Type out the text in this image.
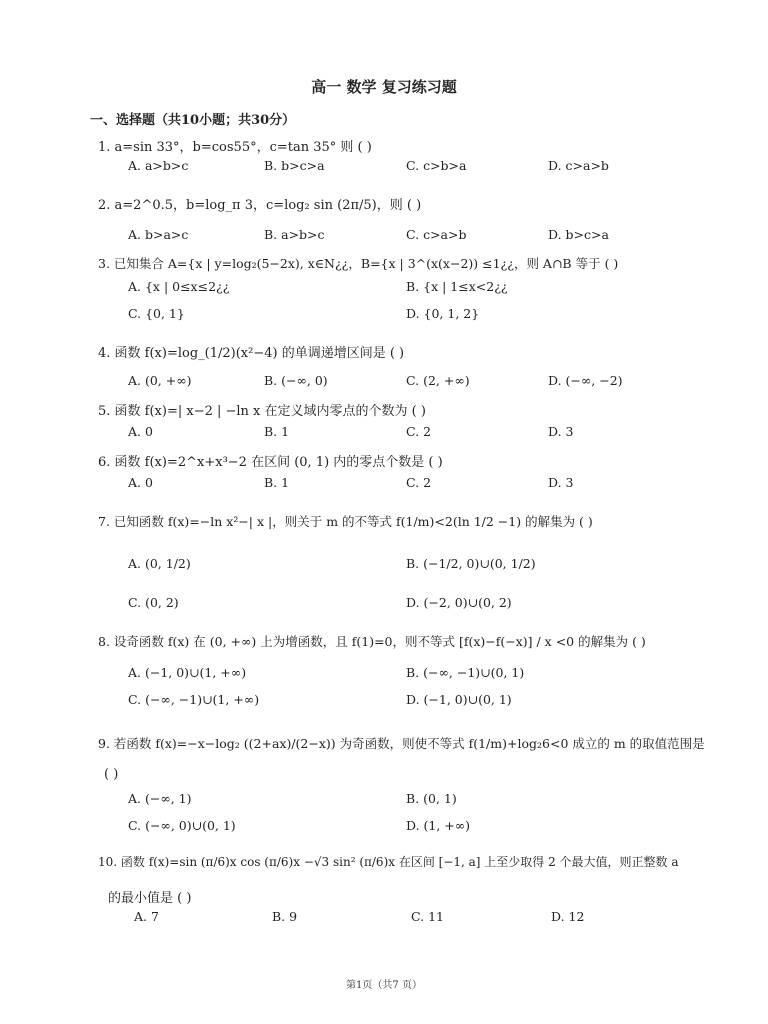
高一 数学 复习练习题
一、选择题（共10小题；共30分）
1. a=sin 33°，b=cos55°，c=tan 35° 则 ( )
A. a>b>c	B. b>c>a	C. c>b>a	D. c>a>b
2. a=2^0.5，b=log_π 3，c=log₂ sin (2π/5)，则 ( )
A. b>a>c	B. a>b>c	C. c>a>b	D. b>c>a
3. 已知集合 A={x | y=log₂(5−2x), x∈N¿¿，B={x | 3^(x(x−2)) ≤1¿¿，则 A∩B 等于 ( )
A. {x | 0≤x≤2¿¿	B. {x | 1≤x<2¿¿
C. {0, 1}	D. {0, 1, 2}
4. 函数 f(x)=log_(1/2)(x²−4) 的单调递增区间是 ( )
A. (0, +∞)	B. (−∞, 0)	C. (2, +∞)	D. (−∞, −2)
5. 函数 f(x)=| x−2 | −ln x 在定义域内零点的个数为 ( )
A. 0	B. 1	C. 2	D. 3
6. 函数 f(x)=2^x+x³−2 在区间 (0, 1) 内的零点个数是 ( )
A. 0	B. 1	C. 2	D. 3
7. 已知函数 f(x)=−ln x²−| x |，则关于 m 的不等式 f(1/m)<2(ln 1/2 −1) 的解集为 ( )
A. (0, 1/2)	B. (−1/2, 0)∪(0, 1/2)
C. (0, 2)	D. (−2, 0)∪(0, 2)
8. 设奇函数 f(x) 在 (0, +∞) 上为增函数，且 f(1)=0，则不等式 [f(x)−f(−x)] / x <0 的解集为 ( )
A. (−1, 0)∪(1, +∞)	B. (−∞, −1)∪(0, 1)
C. (−∞, −1)∪(1, +∞)	D. (−1, 0)∪(0, 1)
9. 若函数 f(x)=−x−log₂ ((2+ax)/(2−x)) 为奇函数，则使不等式 f(1/m)+log₂6<0 成立的 m 的取值范围是
( )
A. (−∞, 1)	B. (0, 1)
C. (−∞, 0)∪(0, 1)	D. (1, +∞)
10. 函数 f(x)=sin (π/6)x cos (π/6)x −√3 sin² (π/6)x 在区间 [−1, a] 上至少取得 2 个最大值，则正整数 a
的最小值是 ( )
A. 7	B. 9	C. 11	D. 12
第1页（共7 页）
